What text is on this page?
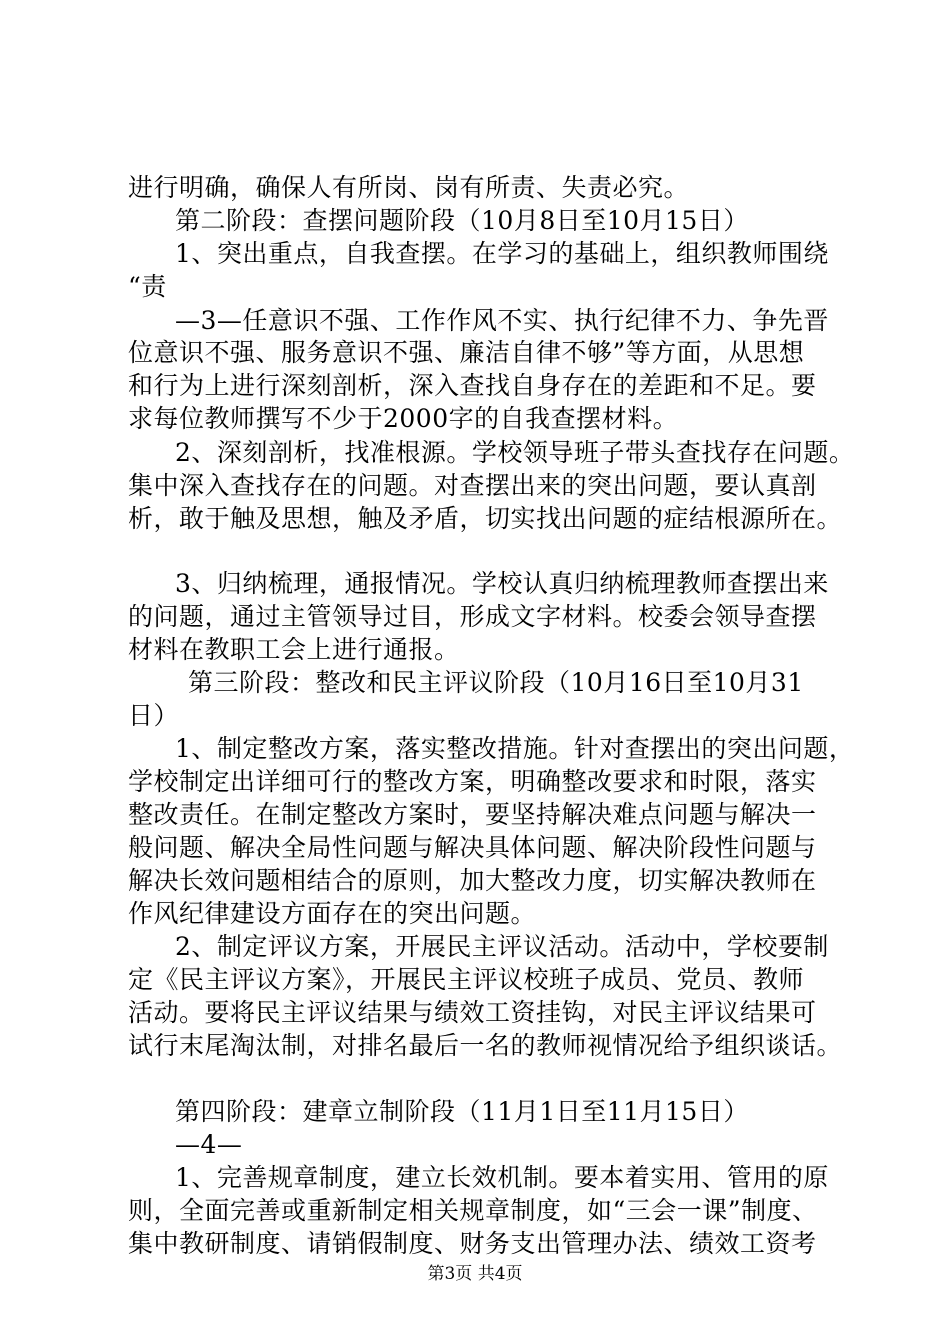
进行明确，确保人有所岗、岗有所责、失责必究。
第二阶段：查摆问题阶段（10月8日至10月15日）
1、突出重点，自我查摆。在学习的基础上，组织教师围绕
“责
—3—任意识不强、工作作风不实、执行纪律不力、争先晋
位意识不强、服务意识不强、廉洁自律不够”等方面，从思想
和行为上进行深刻剖析，深入查找自身存在的差距和不足。要
求每位教师撰写不少于2000字的自我查摆材料。
2、深刻剖析，找准根源。学校领导班子带头查找存在问题。
集中深入查找存在的问题。对查摆出来的突出问题，要认真剖
析，敢于触及思想，触及矛盾，切实找出问题的症结根源所在。
3、归纳梳理，通报情况。学校认真归纳梳理教师查摆出来
的问题，通过主管领导过目，形成文字材料。校委会领导查摆
材料在教职工会上进行通报。
第三阶段：整改和民主评议阶段（10月16日至10月31
日）
1、制定整改方案，落实整改措施。针对查摆出的突出问题，
学校制定出详细可行的整改方案，明确整改要求和时限，落实
整改责任。在制定整改方案时，要坚持解决难点问题与解决一
般问题、解决全局性问题与解决具体问题、解决阶段性问题与
解决长效问题相结合的原则，加大整改力度，切实解决教师在
作风纪律建设方面存在的突出问题。
2、制定评议方案，开展民主评议活动。活动中，学校要制
定《民主评议方案》，开展民主评议校班子成员、党员、教师
活动。要将民主评议结果与绩效工资挂钩，对民主评议结果可
试行末尾淘汰制，对排名最后一名的教师视情况给予组织谈话。
第四阶段：建章立制阶段（11月1日至11月15日）
—4—
1、完善规章制度，建立长效机制。要本着实用、管用的原
则，全面完善或重新制定相关规章制度，如“三会一课”制度、
集中教研制度、请销假制度、财务支出管理办法、绩效工资考
第3页 共4页
